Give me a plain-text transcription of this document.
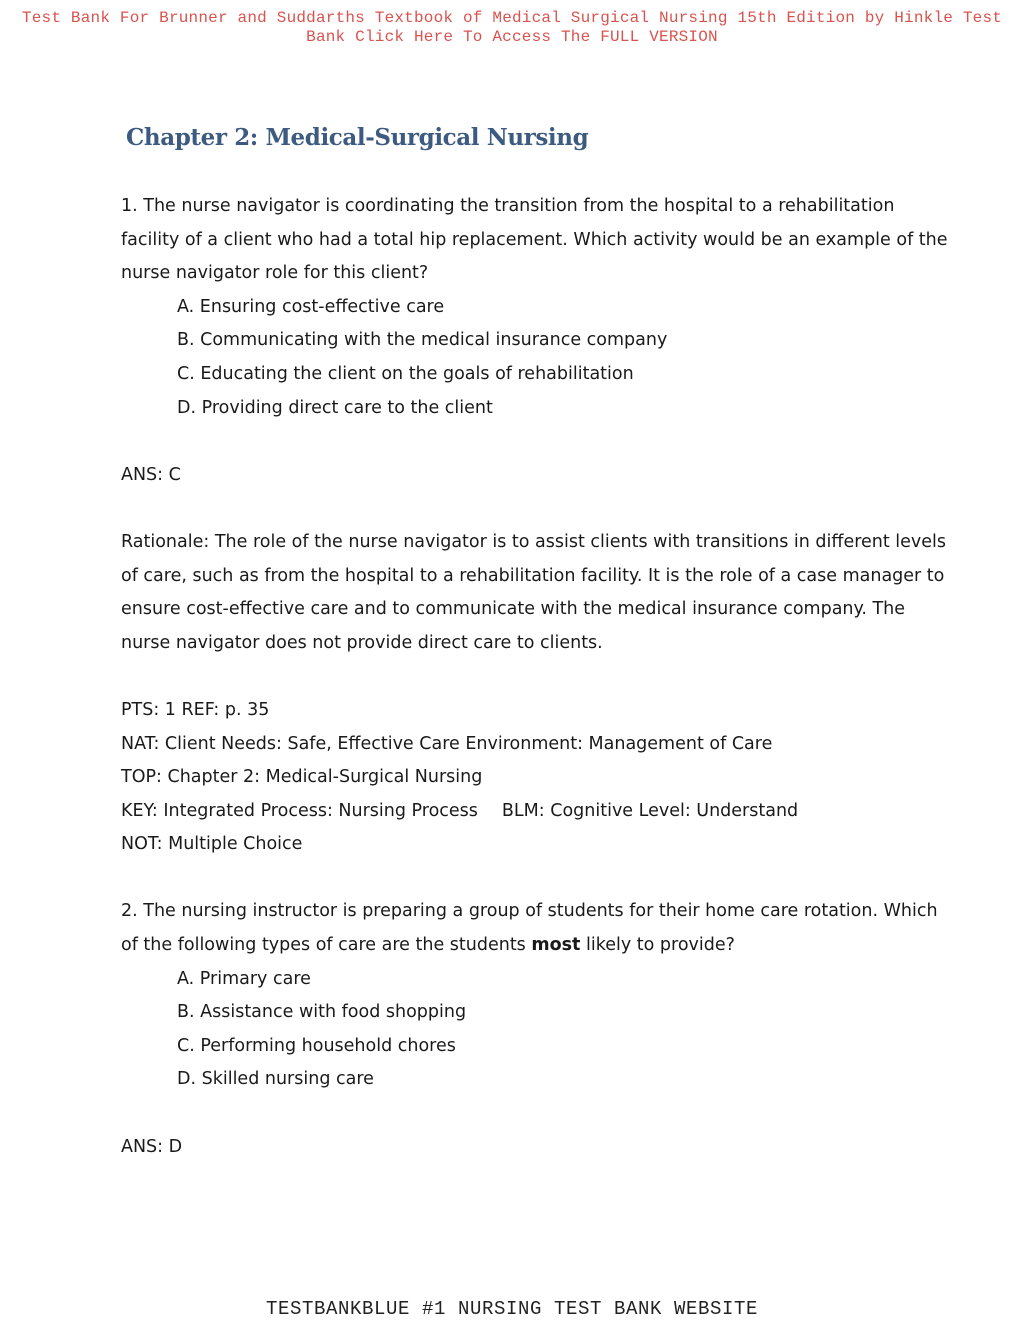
Test Bank For Brunner and Suddarths Textbook of Medical Surgical Nursing 15th Edition by Hinkle Test Bank Click Here To Access The FULL VERSION
Chapter 2: Medical-Surgical Nursing

1. The nurse navigator is coordinating the transition from the hospital to a rehabilitation facility of a client who had a total hip replacement. Which activity would be an example of the nurse navigator role for this client?

A. Ensuring cost-effective care

B. Communicating with the medical insurance company

C. Educating the client on the goals of rehabilitation

D. Providing direct care to the client

ANS: C

Rationale: The role of the nurse navigator is to assist clients with transitions in different levels of care, such as from the hospital to a rehabilitation facility. It is the role of a case manager to ensure cost-effective care and to communicate with the medical insurance company. The nurse navigator does not provide direct care to clients.

PTS: 1 REF: p. 35

NAT: Client Needs: Safe, Effective Care Environment: Management of Care

TOP: Chapter 2: Medical-Surgical Nursing

KEY: Integrated Process: Nursing Process BLM: Cognitive Level: Understand

NOT: Multiple Choice

2. The nursing instructor is preparing a group of students for their home care rotation. Which of the following types of care are the students most likely to provide?

A. Primary care

B. Assistance with food shopping

C. Performing household chores

D. Skilled nursing care

ANS: D

TESTBANKBLUE #1 NURSING TEST BANK WEBSITE
